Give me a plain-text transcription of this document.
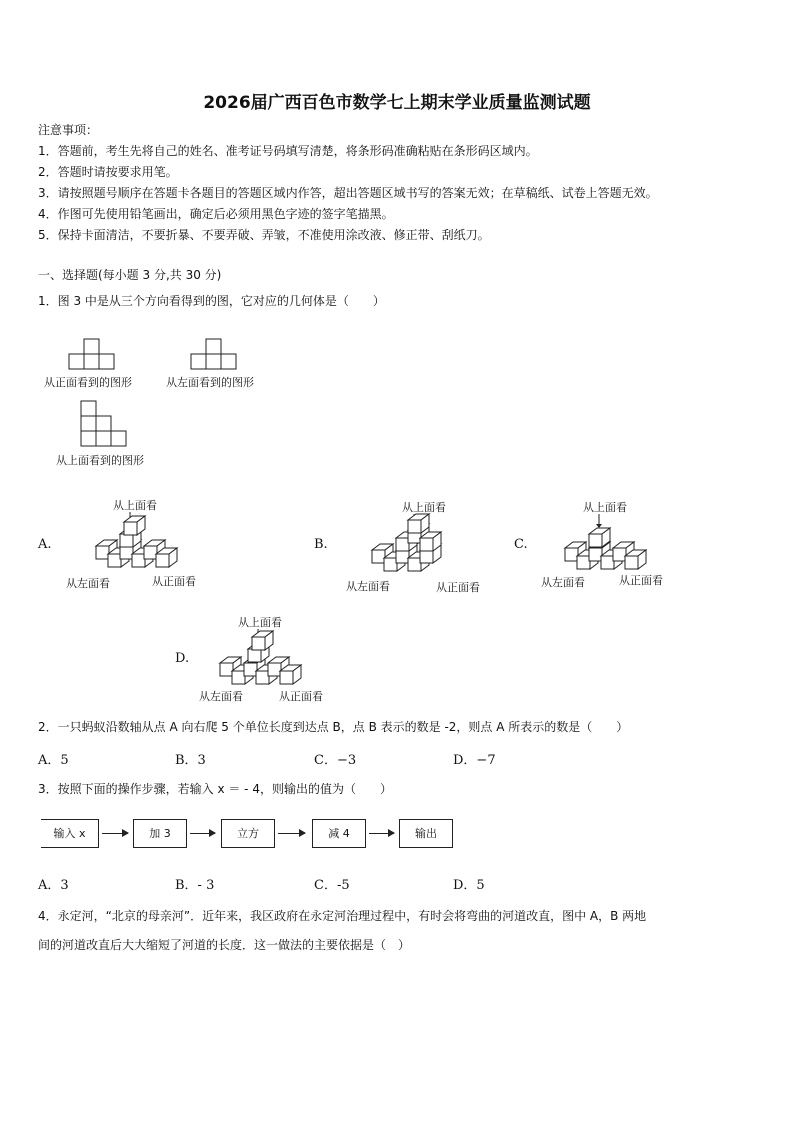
2026届广西百色市数学七上期末学业质量监测试题
注意事项：
1．答题前，考生先将自己的姓名、准考证号码填写清楚，将条形码准确粘贴在条形码区域内。
2．答题时请按要求用笔。
3．请按照题号顺序在答题卡各题目的答题区域内作答，超出答题区域书写的答案无效；在草稿纸、试卷上答题无效。
4．作图可先使用铅笔画出，确定后必须用黑色字迹的签字笔描黑。
5．保持卡面清洁，不要折暴、不要弄破、弄皱，不准使用涂改液、修正带、刮纸刀。
一、选择题(每小题 3 分,共 30 分)
1．图 3 中是从三个方向看得到的图，它对应的几何体是（　　）
从正面看到的图形	从左面看到的图形
从上面看到的图形
A.
从上面看
从左面看	从正面看
B.
从上面看
从左面看	从正面看
C.
从上面看
从左面看	从正面看
D.
从上面看
从左面看	从正面看
2．一只蚂蚁沿数轴从点 A 向右爬 5 个单位长度到达点 B，点 B 表示的数是 -2，则点 A 所表示的数是（　　）
A．5	B．3	C．−3	D．−7
3．按照下面的操作步骤，若输入 x ＝ - 4，则输出的值为（　　）
输入 x	加 3	立方	减 4	输出
A．3	B．- 3	C．-5	D．5
4．永定河，“北京的母亲河”．近年来，我区政府在永定河治理过程中，有时会将弯曲的河道改直，图中 A，B 两地
间的河道改直后大大缩短了河道的长度．这一做法的主要依据是（　）
